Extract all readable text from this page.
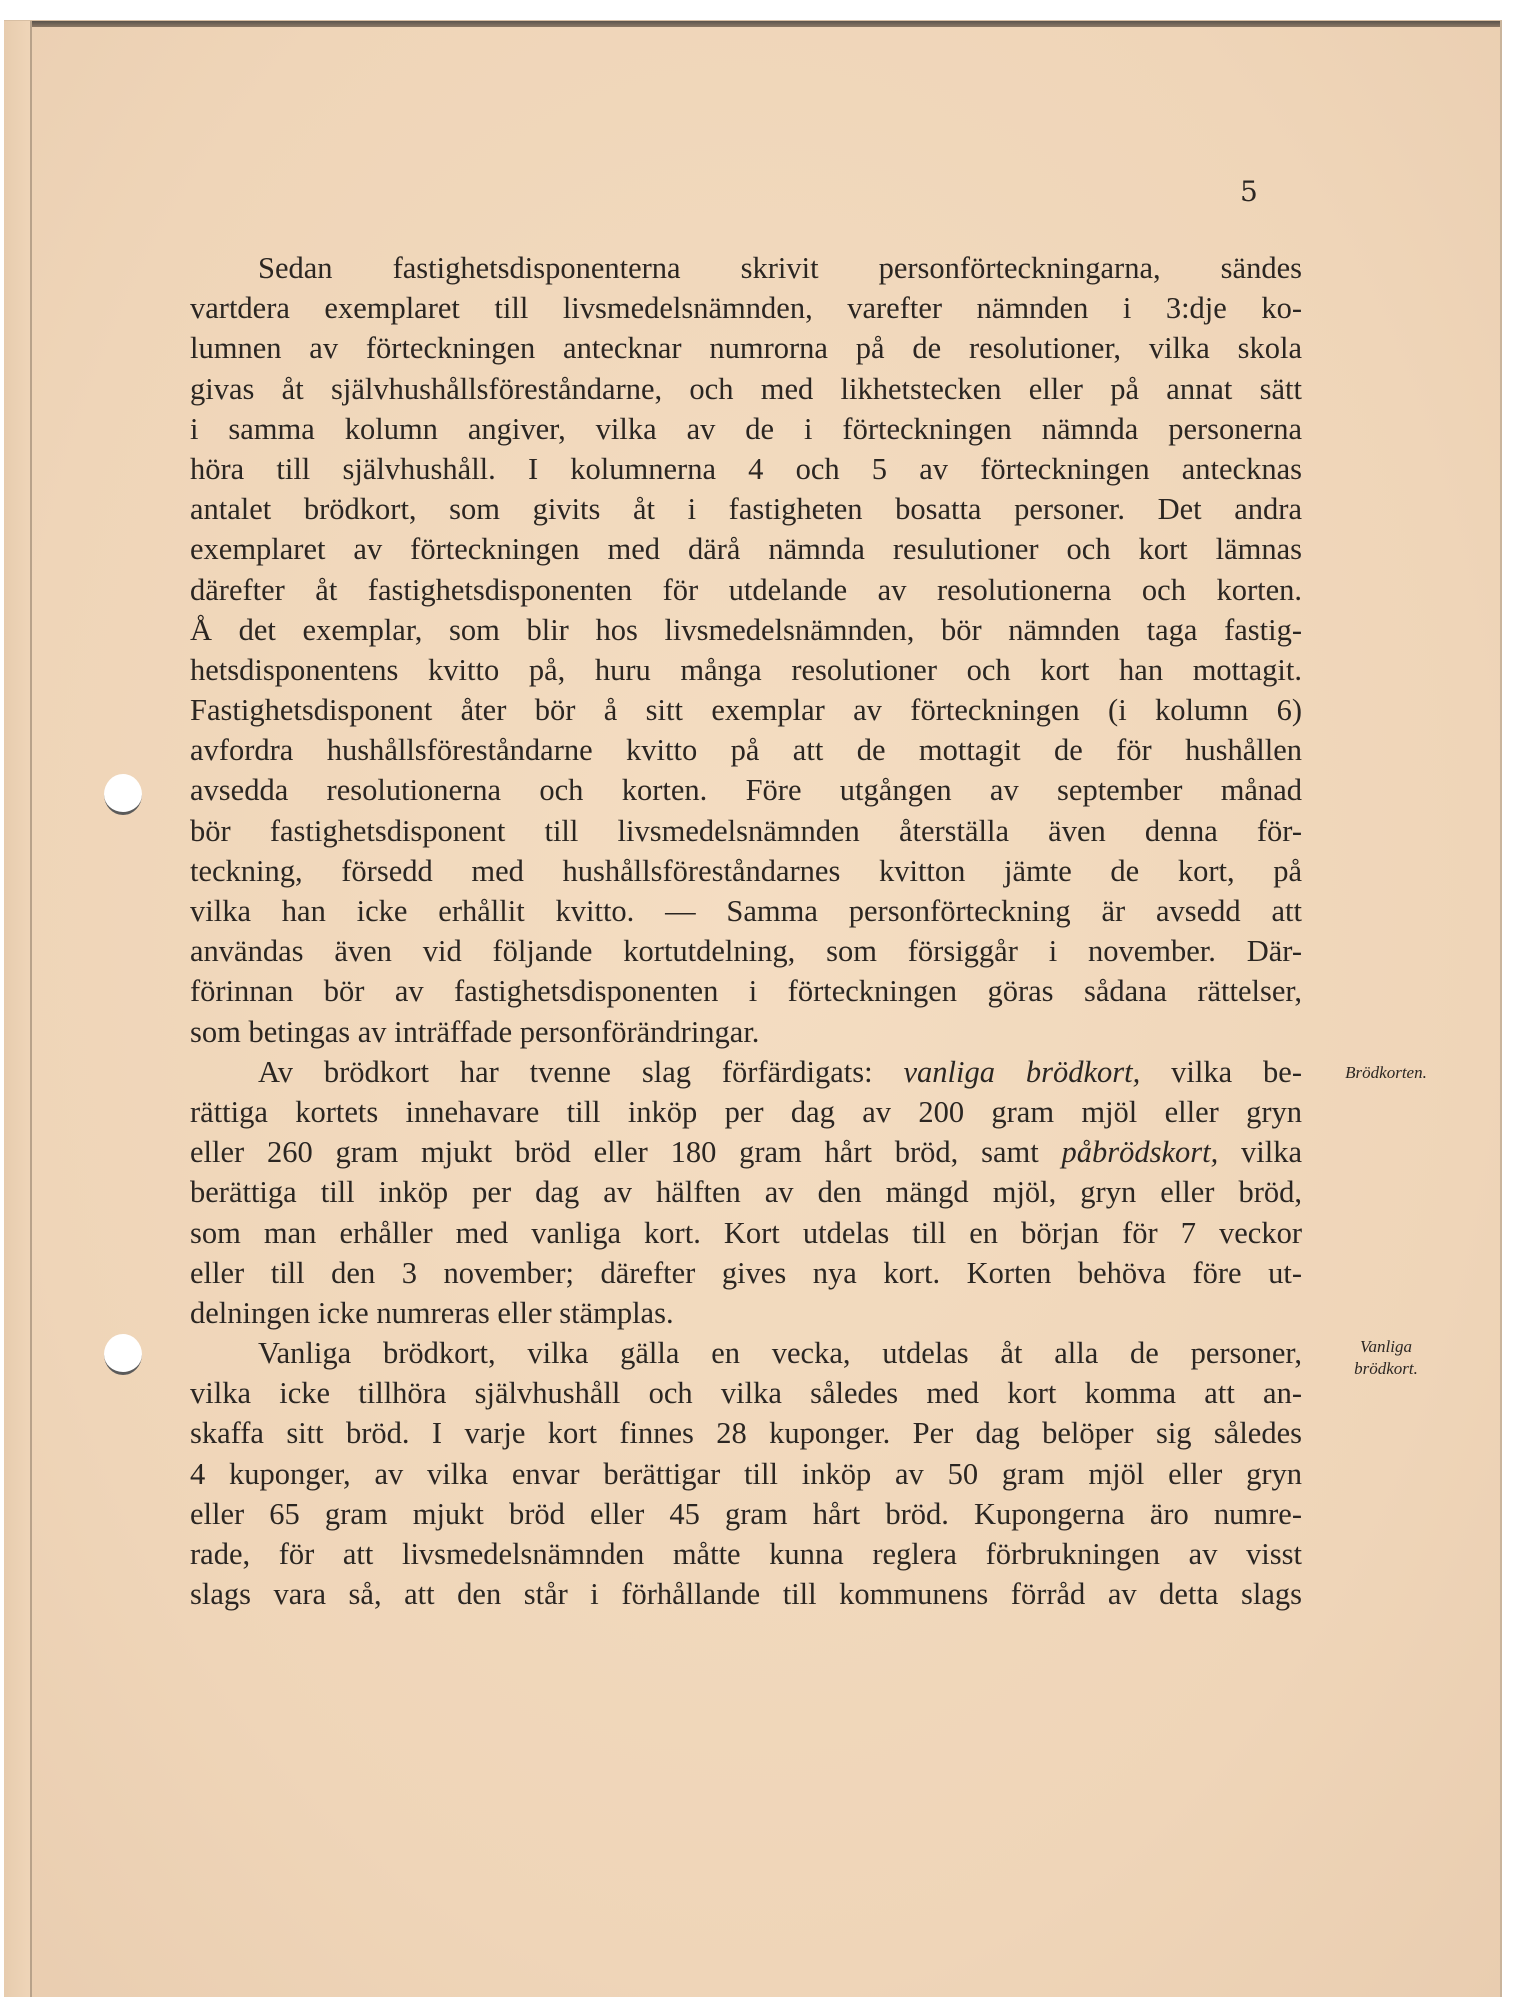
5
Sedan fastighetsdisponenterna skrivit personförteckningarna, sändes
vartdera exemplaret till livsmedelsnämnden, varefter nämnden i 3:dje ko-
lumnen av förteckningen antecknar numrorna på de resolutioner, vilka skola
givas åt självhushållsföreståndarne, och med likhetstecken eller på annat sätt
i samma kolumn angiver, vilka av de i förteckningen nämnda personerna
höra till självhushåll. I kolumnerna 4 och 5 av förteckningen antecknas
antalet brödkort, som givits åt i fastigheten bosatta personer. Det andra
exemplaret av förteckningen med därå nämnda resulutioner och kort lämnas
därefter åt fastighetsdisponenten för utdelande av resolutionerna och korten.
Å det exemplar, som blir hos livsmedelsnämnden, bör nämnden taga fastig-
hetsdisponentens kvitto på, huru många resolutioner och kort han mottagit.
Fastighetsdisponent åter bör å sitt exemplar av förteckningen (i kolumn 6)
avfordra hushållsföreståndarne kvitto på att de mottagit de för hushållen
avsedda resolutionerna och korten. Före utgången av september månad
bör fastighetsdisponent till livsmedelsnämnden återställa även denna för-
teckning, försedd med hushållsföreståndarnes kvitton jämte de kort, på
vilka han icke erhållit kvitto. — Samma personförteckning är avsedd att
användas även vid följande kortutdelning, som försiggår i november. Där-
förinnan bör av fastighetsdisponenten i förteckningen göras sådana rättelser,
som betingas av inträffade personförändringar.
Av brödkort har tvenne slag förfärdigats: vanliga brödkort, vilka be-
rättiga kortets innehavare till inköp per dag av 200 gram mjöl eller gryn
eller 260 gram mjukt bröd eller 180 gram hårt bröd, samt påbrödskort, vilka
berättiga till inköp per dag av hälften av den mängd mjöl, gryn eller bröd,
som man erhåller med vanliga kort. Kort utdelas till en början för 7 veckor
eller till den 3 november; därefter gives nya kort. Korten behöva före ut-
delningen icke numreras eller stämplas.
Vanliga brödkort, vilka gälla en vecka, utdelas åt alla de personer,
vilka icke tillhöra självhushåll och vilka således med kort komma att an-
skaffa sitt bröd. I varje kort finnes 28 kuponger. Per dag belöper sig således
4 kuponger, av vilka envar berättigar till inköp av 50 gram mjöl eller gryn
eller 65 gram mjukt bröd eller 45 gram hårt bröd. Kupongerna äro numre-
rade, för att livsmedelsnämnden måtte kunna reglera förbrukningen av visst
slags vara så, att den står i förhållande till kommunens förråd av detta slags
Brödkorten.
Vanliga
brödkort.
